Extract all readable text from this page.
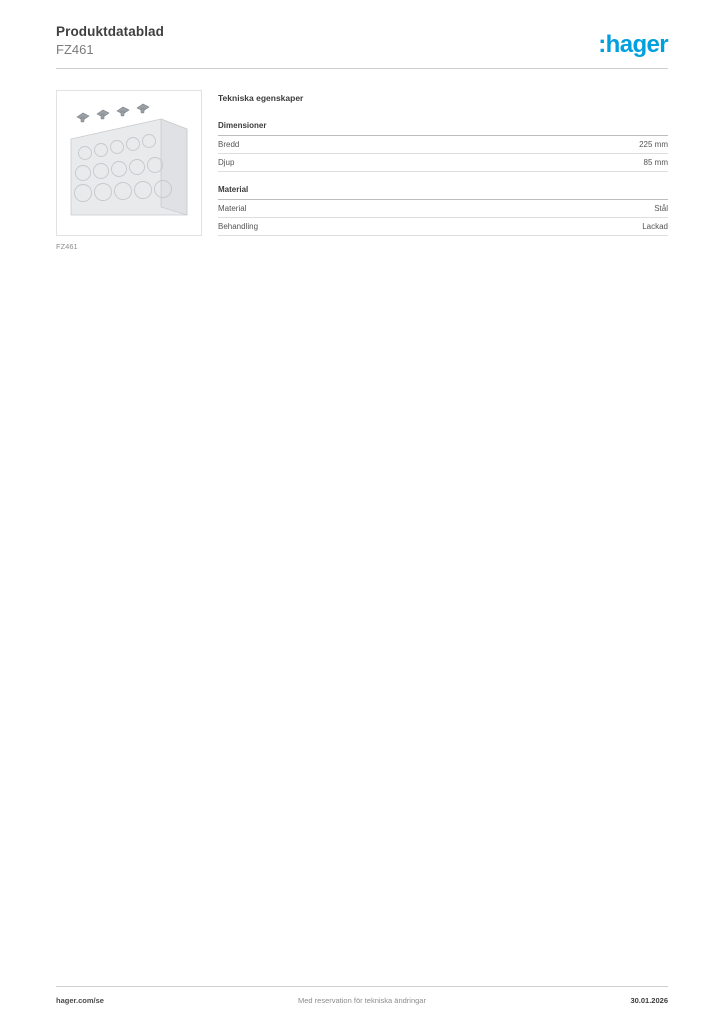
Produktdatablad
FZ461	:hager
FZ461
Tekniska egenskaper
Dimensioner
Bredd	225 mm
Djup	85 mm
Material
Material	Stål
Behandling	Lackad
Med reservation för tekniska ändringar
hager.com/se	30.01.2026
